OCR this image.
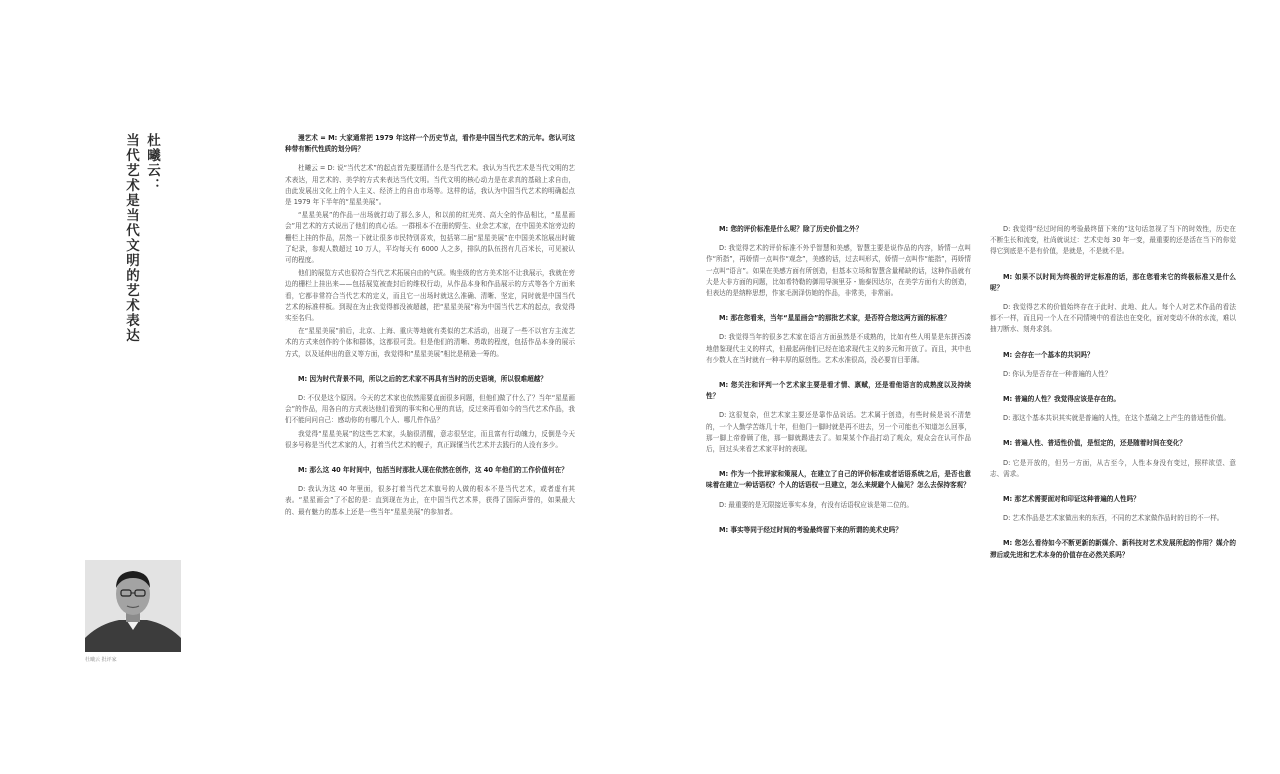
杜曦云：
当代艺术是当代文明的艺术表达

杜曦云 批评家

漫艺术 = M: 大家通常把 1979 年这样一个历史节点，看作是中国当代艺术的元年。您认可这种带有断代性质的划分吗？

杜曦云 = D: 说“当代艺术”的起点首先要厘清什么是当代艺术。我认为当代艺术是当代文明的艺术表达，用艺术的、美学的方式来表达当代文明。当代文明的核心动力是在求真的基础上求自由，由此发展出文化上的个人主义、经济上的自由市场等。这样的话，我认为中国当代艺术的明确起点是 1979 年下半年的“星星美展”。

“星星美展”的作品一出场就打动了那么多人，和以前的红光亮、高大全的作品相比，“星星画会”用艺术的方式说出了他们的真心话。一群根本不在册的野生、业余艺术家，在中国美术馆旁边的栅栏上挂的作品，居然一下就让很多市民特别喜欢，包括第二届“星星美展”在中国美术馆展出时破了纪录，参观人数超过 10 万人，平均每天有 6000 人之多，排队的队伍拐有几百米长，可见被认可的程度。

他们的展览方式也很符合当代艺术拓展自由的气质。购坐级的官方美术馆不让我展示，我就在旁边的栅栏上挂出来——包括展览被查封后的维权行动，从作品本身和作品展示的方式等各个方面来看，它都非常符合当代艺术的定义，而且它一出场时就这么准确、清晰、坚定，同时就是中国当代艺术的标准样板。到现在为止我觉得都没被超越，把“星星美展”称为中国当代艺术的起点，我觉得实至名归。

在“星星美展”前后，北京、上海、重庆等地就有类似的艺术活动，出现了一些不以官方主流艺术的方式来创作的个体和群体，这都很可贵。但是他们的清晰、勇敢的程度，包括作品本身的展示方式，以及延伸出的意义等方面，我觉得和“星星美展”相比是稍逊一筹的。

M: 因为时代背景不同，所以之后的艺术家不再具有当时的历史语境，所以很难超越？

D: 不仅是这个原因。今天的艺术家也依然需要直面很多问题，但他们做了什么了？当年“星星画会”的作品，用各自的方式表达他们看到的事实和心里的真话，反过来再看如今的当代艺术作品，我们不能问问自己：感动你的有哪几个人、哪几件作品？

我觉得“星星美展”的这些艺术家，头脑很清醒，意志很坚定，而且富有行动魄力，反倒是今天很多号称是当代艺术家的人，打着当代艺术的幌子，真正踩懂当代艺术并去践行的人没有多少。

M: 那么这 40 年时间中，包括当时那批人现在依然在创作，这 40 年他们的工作价值何在？

D: 我认为这 40 年里面，很多打着当代艺术旗号的人做的根本不是当代艺术，或者虚有其表。“星星画会”了不起的是：直到现在为止，在中国当代艺术界，获得了国际声誉的，如果最大的、最有魅力的基本上还是一些当年“星星美展”的参加者。

M: 您的评价标准是什么呢？除了历史价值之外？

D: 我觉得艺术的评价标准不外乎智慧和美感，智慧主要是说作品的内容，娇情一点叫作“所指”，再娇情一点叫作“观念”，美感的话，过去叫形式，娇情一点叫作“能指”，再娇情一点叫“语言”。如果在美感方面有所创造，但基本立场和智慧含量稀缺的话，这种作品就有大是大非方面的问题，比如希特勒的御用导演里芬・施泰因达尔，在美学方面有大的创造，但表达的是纳粹思想，作家毛润泽仿她的作品，非常美，非常丽。

M: 那在您看来，当年“星星画会”的那批艺术家，是否符合您这两方面的标准？

D: 我觉得当年的很多艺术家在语言方面虽然是不成熟的，比如有些人明显是东拼西凑地借鉴现代主义的样式，但最起码他们已经在追求现代主义的多元和开放了。而且，其中也有少数人在当时就有一种丰厚的原创性。艺术水准很高，没必要盲目菲薄。

M: 您关注和评判一个艺术家主要是看才情、禀赋，还是看他语言的成熟度以及持续性？

D: 这很复杂，但艺术家主要还是靠作品说话。艺术属于创造，有些时候是说不清楚的，一个人勤学苦练几十年，但他门一脚时就是再不进去，另一个可能也不知道怎么回事，那一脚上帝眷顾了他，那一脚就踢进去了。如果某个作品打动了观众，观众会在认可作品后，回过头来看艺术家平时的表现。

M: 作为一个批评家和策展人，在建立了自己的评价标准或者话语系统之后，是否也意味着在建立一种话语权？个人的话语权一旦建立，怎么来规避个人偏见？怎么去保持客观？

D: 最重要的是无限接近事实本身，有没有话语权应该是第二位的。

M: 事实等同于经过时间的考验最终留下来的所谓的美术史吗？

D: 我觉得“经过时间的考验最终留下来的”这句话忽视了当下的时效性，历史在不断生长和流变，杜尚就说过：艺术史每 30 年一变，最重要的还是活在当下的你觉得它到底是不是有价值，是就是，不是就不是。

M: 如果不以时间为终极的评定标准的话，那在您看来它的终极标准又是什么呢？

D: 我觉得艺术的价值始终存在于此时、此地、此人。每个人对艺术作品的看法都不一样，而且同一个人在不同情境中的看法也在变化，面对变动不休的水流，难以抽刀断水、刻舟求剑。

M: 会存在一个基本的共识吗？

D: 你认为是否存在一种普遍的人性？

M: 普遍的人性？我觉得应该是存在的。

D: 那这个基本共识其实就是普遍的人性，在这个基础之上产生的普适性价值。

M: 普遍人性、普适性价值，是恒定的，还是随着时间在变化？

D: 它是开放的，但另一方面，从古至今，人性本身没有变过，照样欲望、意志、需求。

M: 那艺术需要面对和印证这种普遍的人性吗？

D: 艺术作品是艺术家做出来的东西，不同的艺术家做作品时的目的不一样。

M: 您怎么看待如今不断更新的新媒介、新科技对艺术发展所起的作用？媒介的滞后或先进和艺术本身的价值存在必然关系吗？
